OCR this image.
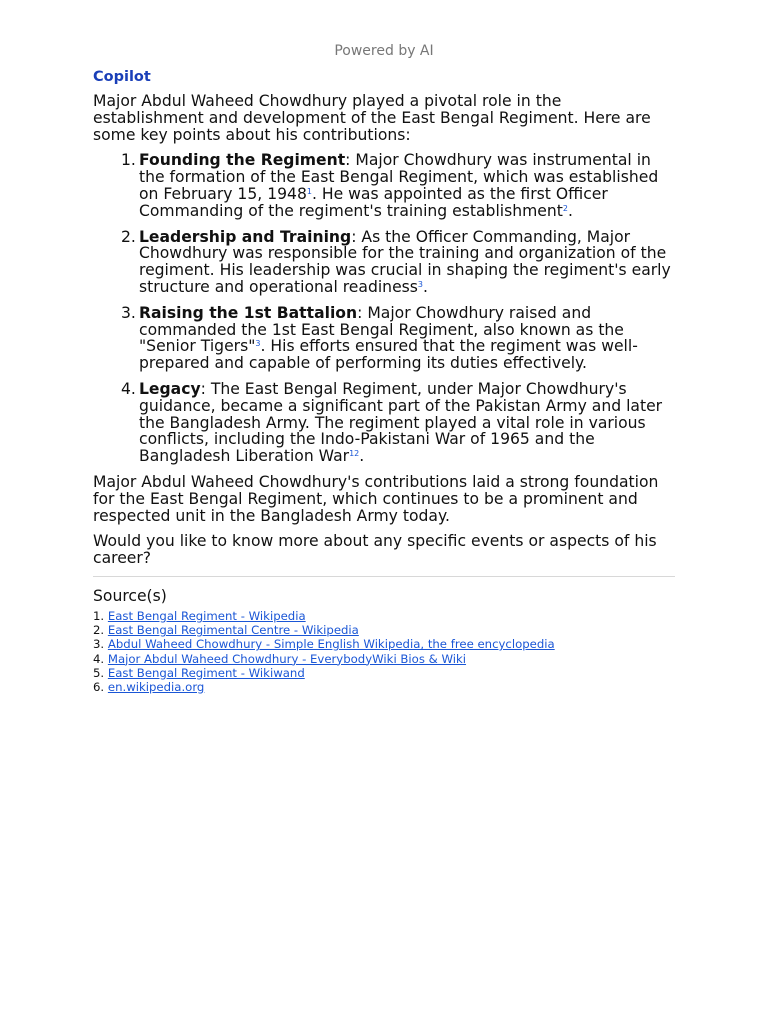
Powered by AI
Copilot

Major Abdul Waheed Chowdhury played a pivotal role in the establishment and development of the East Bengal Regiment. Here are some key points about his contributions:

1. Founding the Regiment: Major Chowdhury was instrumental in the formation of the East Bengal Regiment, which was established on February 15, 1948$^1$. He was appointed as the first Officer Commanding of the regiment's training establishment$^2$.
2. Leadership and Training: As the Officer Commanding, Major Chowdhury was responsible for the training and organization of the regiment. His leadership was crucial in shaping the regiment's early structure and operational readiness$^3$.
3. Raising the 1st Battalion: Major Chowdhury raised and commanded the 1st East Bengal Regiment, also known as the "Senior Tigers"$^3$. His efforts ensured that the regiment was well-prepared and capable of performing its duties effectively.
4. Legacy: The East Bengal Regiment, under Major Chowdhury's guidance, became a significant part of the Pakistan Army and later the Bangladesh Army. The regiment played a vital role in various conflicts, including the Indo-Pakistani War of 1965 and the Bangladesh Liberation War$^{12}$.

Major Abdul Waheed Chowdhury's contributions laid a strong foundation for the East Bengal Regiment, which continues to be a prominent and respected unit in the Bangladesh Army today.

Would you like to know more about any specific events or aspects of his career?

Source(s)
1. East Bengal Regiment - Wikipedia
2. East Bengal Regimental Centre - Wikipedia
3. Abdul Waheed Chowdhury - Simple English Wikipedia, the free encyclopedia
4. Major Abdul Waheed Chowdhury - EverybodyWiki Bios & Wiki
5. East Bengal Regiment - Wikiwand
6. en.wikipedia.org
